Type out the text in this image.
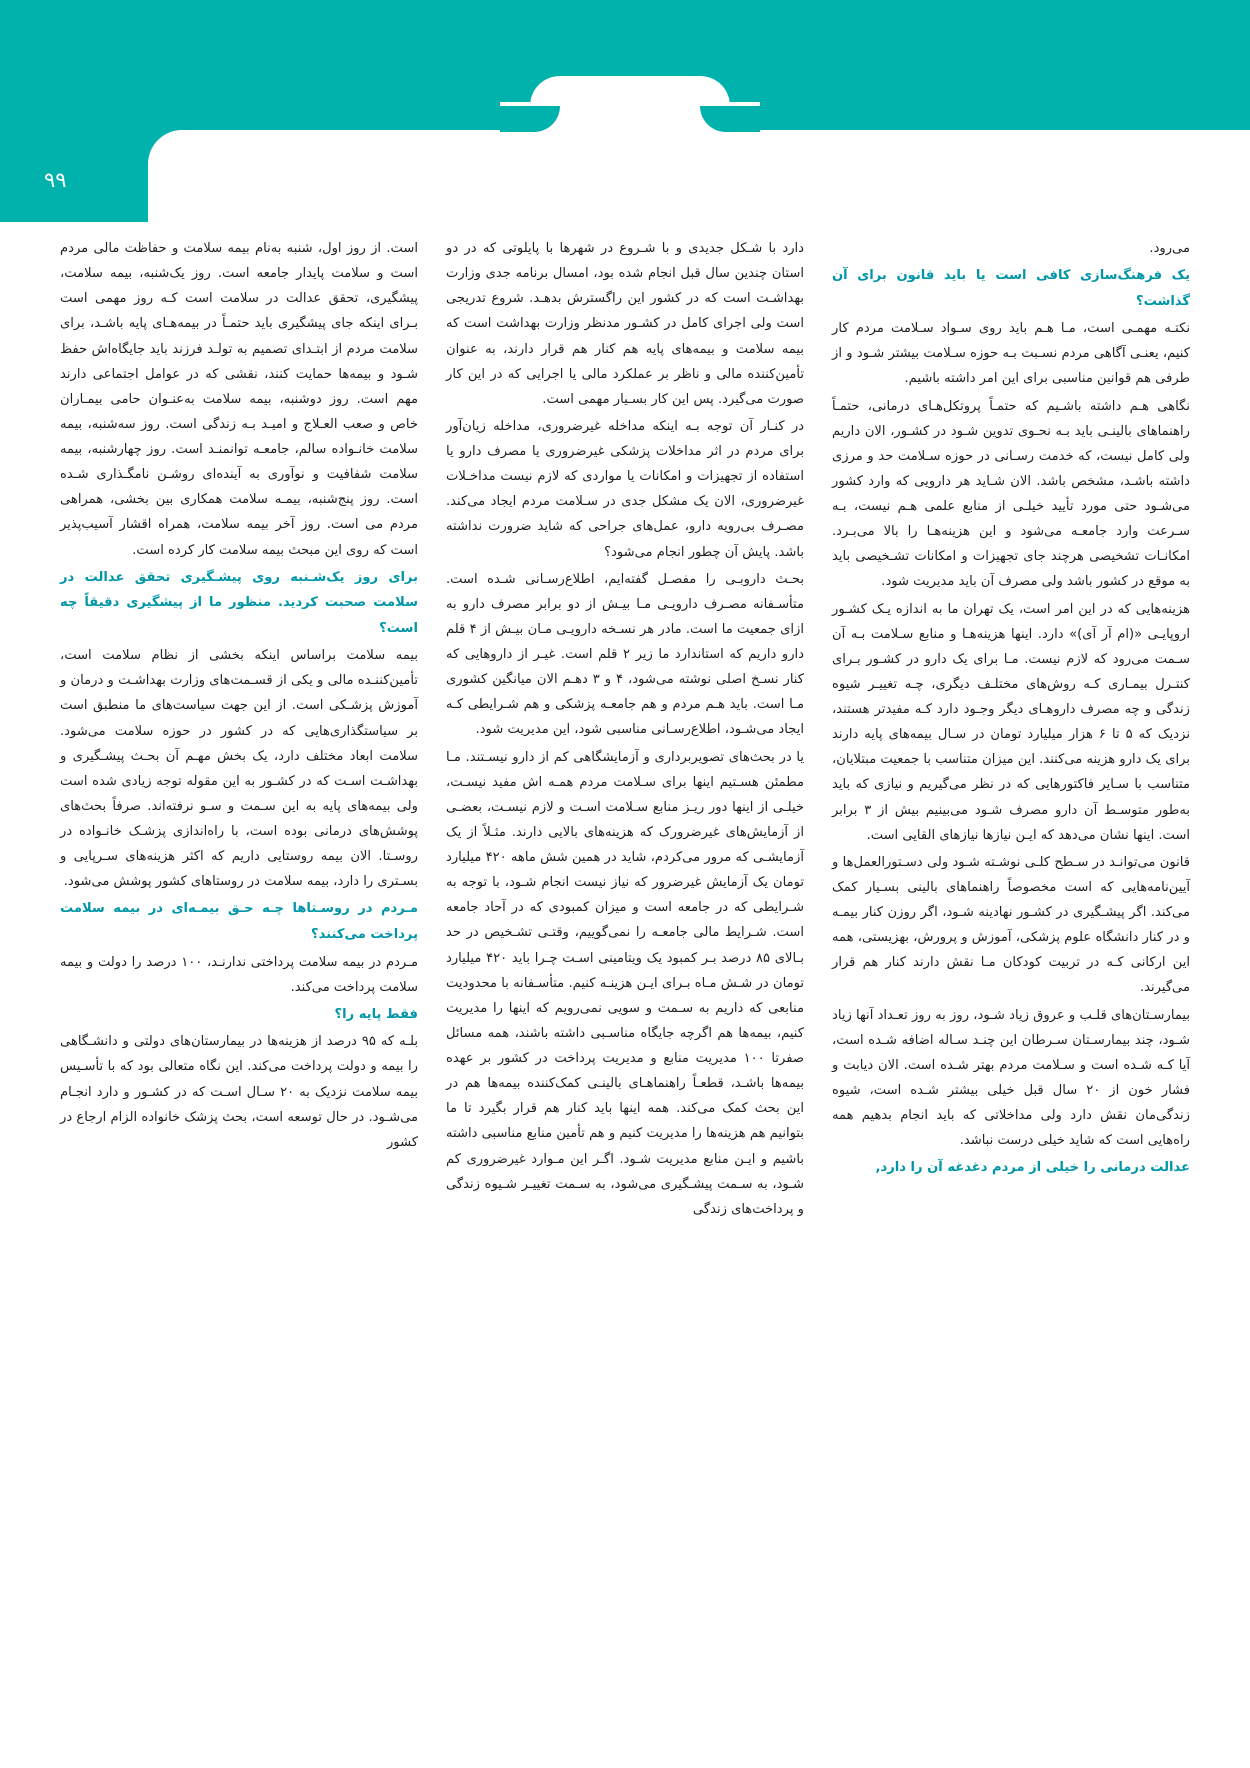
۹۹

است. از روز اول، شنبه به‌نام بیمه سلامت و حفاظت مالی مردم است و سلامت پایدار جامعه است. روز یک‌شنبه، بیمه سلامت، پیشگیری، تحقق عدالت در سلامت است کـه روز مهمی است بـرای اینکه جای پیشگیری باید حتمـاً در بیمه‌هـای پایه باشـد، برای سلامت مردم از ابتـدای تصمیم به تولـد فرزند باید جایگاه‌اش حفظ شـود و بیمه‌ها حمایت کنند، نقشی که در عوامل اجتماعی دارند مهم است. روز دوشنبه، بیمه سلامت به‌عنـوان حامی بیمـاران خاص و صعب العـلاج و امیـد بـه زندگی است. روز سه‌شنبه، بیمه سلامت خانـواده سالم، جامعـه توانمنـد است. روز چهارشنبه، بیمه سلامت شفافیت و نوآوری به آینده‌ای روشـن نامگـذاری شـده است. روز پنج‌شنبه، بیمـه سلامت همکاری بین بخشی، همراهی مردم می است. روز آخر بیمه سلامت، همراه اقشار آسیب‌پذیر است که روی این مبحث بیمه سلامت کار کرده است.

برای روز یک‌شـنبه روی پیشـگیری تحقق عدالت در سلامت صحبت کردید. منظور ما از پیشگیری دقیقاً چه است؟

بیمه سلامت براساس اینکه بخشی از نظام سلامت است، تأمین‌کننـده مالی و یکی از قسـمت‌های وزارت بهداشـت و درمان و آموزش پزشـکی است. از این جهت سیاست‌های ما منطبق است بر سیاستگذاری‌هایی که در کشور در حوزه سلامت می‌شود. سلامت ابعاد مختلف دارد، یک بخش مهـم آن بحـث پیشـگیری و بهداشـت اسـت که در کشـور به این مقوله توجه زیادی شده است ولی بیمه‌های پایه به این سـمت و سـو نرفته‌اند. صرفاً بحث‌های پوشش‌های درمانی بوده است، با راه‌اندازی پزشـک خانـواده در روسـتا. الان بیمه روستایی داریم که اکثر هزینه‌های سـرپایی و بسـتری را دارد، بیمه سلامت در روستاهای کشور پوشش می‌شود.

مـردم در روسـتاها چـه حـق بیمـه‌ای در بیمه سلامت پرداخت می‌کنند؟

مـردم در بیمه سلامت پرداختی ندارنـد، ۱۰۰ درصد را دولت و بیمه سلامت پرداخت می‌کند.

فقط پایه را؟

بلـه که ۹۵ درصد از هزینه‌ها در بیمارستان‌های دولتی و دانشـگاهی را بیمه و دولت پرداخت می‌کند. این نگاه متعالی بود که با تأسـیس بیمه سلامت نزدیک به ۲۰ سـال اسـت که در کشـور و دارد انجـام می‌شـود. در حال توسعه است، بحث پزشک خانواده الزام ارجاع در کشور

دارد با شـکل جدیدی و با شـروع در شهرها با پایلوتی که در دو استان چندین سال قبل انجام شده بود، امسال برنامه جدی وزارت بهداشـت است که در کشور این راگسترش بدهـد. شروع تدریجی است ولی اجرای کامل در کشـور مدنظر وزارت بهداشت است که بیمه سلامت و بیمه‌های پایه هم کنار هم قرار دارند، به عنوان تأمین‌کننده مالی و ناظر بر عملکرد مالی یا اجرایی که در این کار صورت می‌گیرد. پس این کار بسـیار مهمی است.

در کنـار آن توجه بـه اینکه مداخله غیرضروری، مداخله زیان‌آور برای مردم در اثر مداخلات پزشکی غیرضروری یا مصرف دارو یا استفاده از تجهیزات و امکانات یا مواردی که لازم نیست مداخـلات غیرضروری، الان یک مشکل جدی در سـلامت مردم ایجاد می‌کند. مصـرف بی‌رویه دارو، عمل‌های جراحی که شاید ضرورت نداشته باشد. پایش آن چطور انجام می‌شود؟

بحـث داروبـی را مفصـل گفته‌ایم، اطلاع‌رسـانی شـده است. متأسـفانه مصـرف دارویـی مـا بیـش از دو برابر مصرف دارو به ازای جمعیت ما است. مادر هر نسـخه دارویـی مـان بیـش از ۴ قلم دارو داریم که استاندارد ما زیر ۲ قلم است. غیـر از داروهایی که کنار نسـخ اصلی نوشته می‌شود، ۴ و ۳ دهـم الان میانگین کشوری مـا است. باید هـم مردم و هم جامعـه پزشکی و هم شـرایطی کـه ایجاد می‌شـود، اطلاع‌رسـانی مناسبی شود، این مدیریت شود.

یا در بحث‌های تصویربرداری و آزمایشگاهی کم از دارو نیسـتند. مـا مطمئن هسـتیم اینها برای سـلامت مردم همـه اش مفید نیسـت، خیلـی از اینها دور ریـز منابع سـلامت اسـت و لازم نیسـت، بعضـی از آزمایش‌های غیرضرورک که هزینه‌های بالایی دارند. مثـلاً از یک آزمایشـی که مرور می‌کردم، شاید در همین شش ماهه ۴۲۰ میلیارد تومان یک آزمایش غیرضرور که نیاز نیست انجام شـود، با توجه به شـرایطی که در جامعه است و میزان کمبودی که در آحاد جامعه است. شـرایط مالی جامعـه را نمی‌گوییم، وقتـی تشـخیص در حد بـالای ۸۵ درصد بـر کمبود یک ویتامینی اسـت چـرا باید ۴۲۰ میلیارد تومان در شـش مـاه بـرای ایـن هزینـه کنیم. متأسـفانه با محدودیت منابعی که داریم به سـمت و سویی نمی‌رویم که اینها را مدیریت کنیم، بیمه‌ها هم اگرچه جایگاه مناسـبی داشته باشند، همه مسائل صفرتا ۱۰۰ مدیریت منابع و مدیریت پرداخت در کشور بر عهده بیمه‌ها باشـد، قطعـاً راهنماهـای بالینـی کمک‌کننده بیمه‌ها هم در این بحث کمک می‌کند. همه اینها باید کنار هم قرار بگیرد تا ما بتوانیم هم هزینه‌ها را مدیریت کنیم و هم تأمین منابع مناسبی داشته باشیم و ایـن منابع مدیریت شـود. اگـر این مـوارد غیرضروری کم شـود، به سـمت پیشـگیری می‌شود، به سـمت تغییـر شـیوه زندگی و پرداخت‌های زندگی

می‌رود.

یک فرهنگ‌سازی کافی است یا باید قانون برای آن گذاشت؟

نکتـه مهمـی است، مـا هـم باید روی سـواد سـلامت مردم کار کنیم، یعنـی آگاهی مردم نسـبت بـه حوزه سـلامت بیشتر شـود و از طرفی هم قوانین مناسبی برای این امر داشته باشیم.

نگاهی هـم داشته باشـیم که حتمـاً پروتکل‌هـای درمانی، حتمـاً راهنماهای بالینـی باید بـه نحـوی تدوین شـود در کشـور، الان داریم ولی کامل نیست، که خدمت رسـانی در حوزه سـلامت حد و مرزی داشته باشـد، مشخص باشد. الان شـاید هر دارویی که وارد کشور می‌شـود حتی مورد تأیید خیلـی از منابع علمی هـم نیست، بـه سـرعت وارد جامعـه می‌شود و این هزینه‌هـا را بالا می‌بـرد. امکانـات تشخیصی هرچند جای تجهیزات و امکانات تشـخیصی باید به موقع در کشور باشد ولی مصرف آن باید مدیریت شود.

هزینه‌هایی که در این امر است، یک تهران ما به اندازه یـک کشـور اروپایـی «(ام آر آی)» دارد. اینها هزینه‌هـا و منابع سـلامت بـه آن سـمت می‌رود که لازم نیست. مـا برای یک دارو در کشـور بـرای کنتـرل بیمـاری کـه روش‌های مختلـف دیگری، چـه تغییـر شیوه زندگی و چه مصرف داروهـای دیگر وجـود دارد کـه مفیدتر هستند، نزدیک که ۵ تا ۶ هزار میلیارد تومان در سـال بیمه‌های پایه دارند برای یک دارو هزینه می‌کنند. این میزان متناسب با جمعیت مبتلایان، متناسب با سـایر فاکتورهایی که در نظر می‌گیریم و نیازی که باید به‌طور متوسـط آن دارو مصرف شـود می‌بینیم بیش از ۳ برابر است. اینها نشان می‌دهد که ایـن نیازها نیازهای القایی است.

قانون می‌توانـد در سـطح کلـی نوشـته شـود ولی دسـتورالعمل‌ها و آیین‌نامه‌هایی که است مخصوصاً راهنماهای بالینی بسـیار کمک می‌کند. اگر پیشـگیری در کشـور نهادینه شـود، اگر روزن کنار بیمـه و در کنار دانشگاه علوم پزشکی، آموزش و پرورش، بهزیستی، همه این ارکانی کـه در تربیت کودکان مـا نقش دارند کنار هم قرار می‌گیرند.

بیمارسـتان‌های قلـب و عروق زیاد شـود، روز به روز تعـداد آنها زیاد شـود، چند بیمارسـتان سـرطان این چنـد سـاله اضافه شـده است، آیا کـه شـده است و سـلامت مردم بهتر شـده است. الان دیابت و فشار خون از ۲۰ سال قبل خیلی بیشتر شـده است، شیوه زندگی‌مان نقش دارد ولی مداخلاتی که باید انجام بدهیم همه راه‌هایی است که شاید خیلی درست نباشد.

عدالت درمانی را خیلی از مردم دغدغه آن را دارد,
